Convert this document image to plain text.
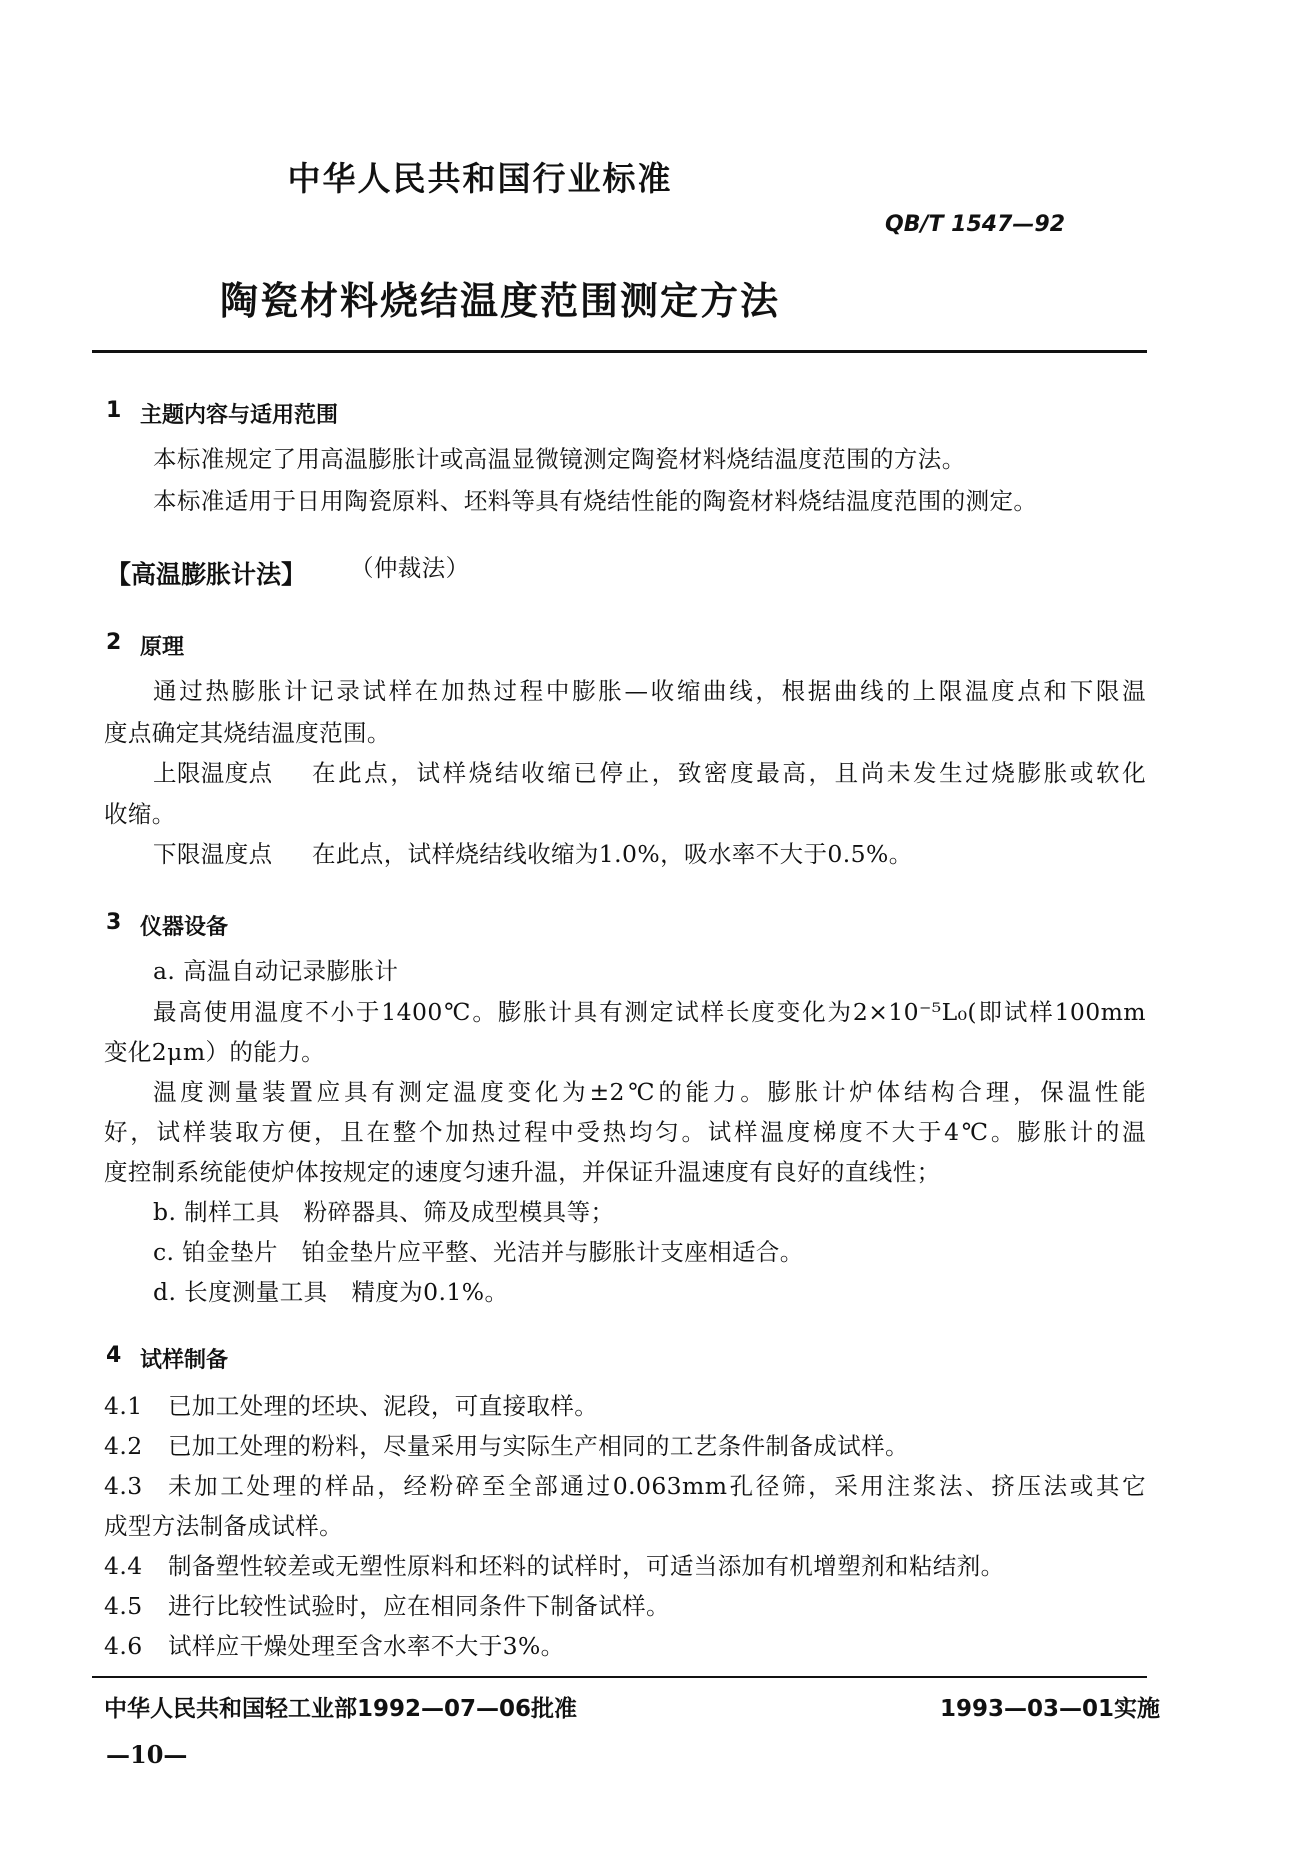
中华人民共和国行业标准
QB/T 1547—92
陶瓷材料烧结温度范围测定方法
1 主题内容与适用范围
本标准规定了用高温膨胀计或高温显微镜测定陶瓷材料烧结温度范围的方法。
本标准适用于日用陶瓷原料、坯料等具有烧结性能的陶瓷材料烧结温度范围的测定。
【高温膨胀计法】 （仲裁法）
2 原理
通过热膨胀计记录试样在加热过程中膨胀—收缩曲线，根据曲线的上限温度点和下限温
度点确定其烧结温度范围。
上限温度点 在此点，试样烧结收缩已停止，致密度最高，且尚未发生过烧膨胀或软化
收缩。
下限温度点 在此点，试样烧结线收缩为1.0%，吸水率不大于0.5%。
3 仪器设备
a. 高温自动记录膨胀计
最高使用温度不小于1400℃。膨胀计具有测定试样长度变化为2×10⁻⁵L₀(即试样100mm
变化2μm）的能力。
温度测量装置应具有测定温度变化为±2℃的能力。膨胀计炉体结构合理，保温性能
好，试样装取方便，且在整个加热过程中受热均匀。试样温度梯度不大于4℃。膨胀计的温
度控制系统能使炉体按规定的速度匀速升温，并保证升温速度有良好的直线性；
b. 制样工具　粉碎器具、筛及成型模具等；
c. 铂金垫片　铂金垫片应平整、光洁并与膨胀计支座相适合。
d. 长度测量工具　精度为0.1%。
4 试样制备
4.1 已加工处理的坯块、泥段，可直接取样。
4.2 已加工处理的粉料，尽量采用与实际生产相同的工艺条件制备成试样。
4.3 未加工处理的样品，经粉碎至全部通过0.063mm孔径筛，采用注浆法、挤压法或其它
成型方法制备成试样。
4.4 制备塑性较差或无塑性原料和坯料的试样时，可适当添加有机增塑剂和粘结剂。
4.5 进行比较性试验时，应在相同条件下制备试样。
4.6 试样应干燥处理至含水率不大于3%。
中华人民共和国轻工业部1992—07—06批准	1993—03—01实施
—10—
